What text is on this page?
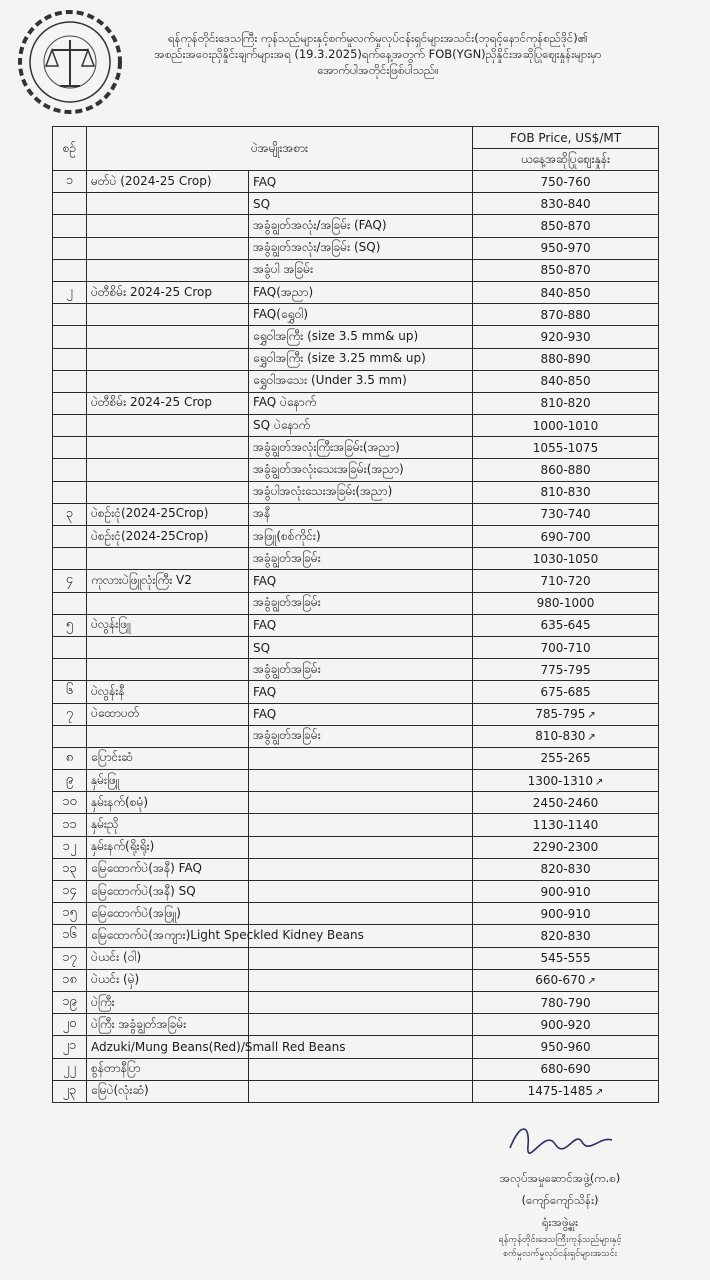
ရန်ကုန်တိုင်းဒေသကြီး ကုန်သည်များနှင့်စက်မှုလက်မှုလုပ်ငန်းရှင်များအသင်း(ဘုရင့်နောင်ကုန်စည်ဒိုင်)၏
အစည်းအဝေးညှိနှိုင်းချက်များအရ (19.3.2025)ရက်နေ့အတွက် FOB(YGN)ညှိနှိုင်းအဆိုပြုဈေးနှုန်းများမှာ
အောက်ပါအတိုင်းဖြစ်ပါသည်။
စဉ်	ပဲအမျိုးအစား		FOB Price, US$/MT
			ယနေ့အဆိုပြုဈေးနှုန်း
၁	မတ်ပဲ (2024-25 Crop)	FAQ	750-760
		SQ	830-840
		အခွံချွတ်အလုံး/အခြမ်း (FAQ)	850-870
		အခွံချွတ်အလုံး/အခြမ်း (SQ)	950-970
		အခွံပါ အခြမ်း	850-870
၂	ပဲတီစိမ်း 2024-25 Crop	FAQ(အညာ)	840-850
		FAQ(ရွှေဝါ)	870-880
		ရွှေဝါအကြီး (size 3.5 mm& up)	920-930
		ရွှေဝါအကြီး (size 3.25 mm& up)	880-890
		ရွှေဝါအသေး (Under 3.5 mm)	840-850
	ပဲတီစိမ်း 2024-25 Crop	FAQ ပဲနောက်	810-820
		SQ ပဲနောက်	1000-1010
		အခွံချွတ်အလုံးကြီးအခြမ်း(အညာ)	1055-1075
		အခွံချွတ်အလုံးသေးအခြမ်း(အညာ)	860-880
		အခွံပါအလုံးသေးအခြမ်း(အညာ)	810-830
၃	ပဲစဉ်းငုံ(2024-25Crop)	အနီ	730-740
	ပဲစဉ်းငုံ(2024-25Crop)	အဖြူ(စစ်ကိုင်း)	690-700
		အခွံချွတ်အခြမ်း	1030-1050
၄	ကုလားပဲဖြူလုံးကြီး V2	FAQ	710-720
		အခွံချွတ်အခြမ်း	980-1000
၅	ပဲလွန်းဖြူ	FAQ	635-645
		SQ	700-710
		အခွံချွတ်အခြမ်း	775-795
၆	ပဲလွန်းနီ	FAQ	675-685
၇	ပဲထောပတ်	FAQ	785-795 ↗
		အခွံချွတ်အခြမ်း	810-830 ↗
၈	ပြောင်းဆံ		255-265
၉	နှမ်းဖြူ		1300-1310 ↗
၁၀	နှမ်းနက်(စမုံ)		2450-2460
၁၁	နှမ်းညို		1130-1140
၁၂	နှမ်းနက်(ရိုးရိုး)		2290-2300
၁၃	မြေထောက်ပဲ(အနီ) FAQ		820-830
၁၄	မြေထောက်ပဲ(အနီ) SQ		900-910
၁၅	မြေထောက်ပဲ(အဖြူ)		900-910
၁၆	မြေထောက်ပဲ(အကျား)Light Speckled Kidney Beans		820-830
၁၇	ပဲယင်း (ဝါ)		545-555
၁၈	ပဲယင်း (မှဲ)		660-670 ↗
၁၉	ပဲကြီး		780-790
၂၀	ပဲကြီး အခွံချွတ်အခြမ်း		900-920
၂၁	Adzuki/Mung Beans(Red)/Small Red Beans		950-960
၂၂	စွန်တာနီပြာ		680-690
၂၃	မြေပဲ(လုံးဆံ)		1475-1485 ↗
အလုပ်အမှုဆောင်အဖွဲ့(က.စ)
(ကျော်ကျော်သိန်း)
ရုံးအဖွဲ့မှူး
ရန်ကုန်တိုင်းဒေသကြီးကုန်သည်များနှင့်
စက်မှုလက်မှုလုပ်ငန်းရှင်များအသင်း
